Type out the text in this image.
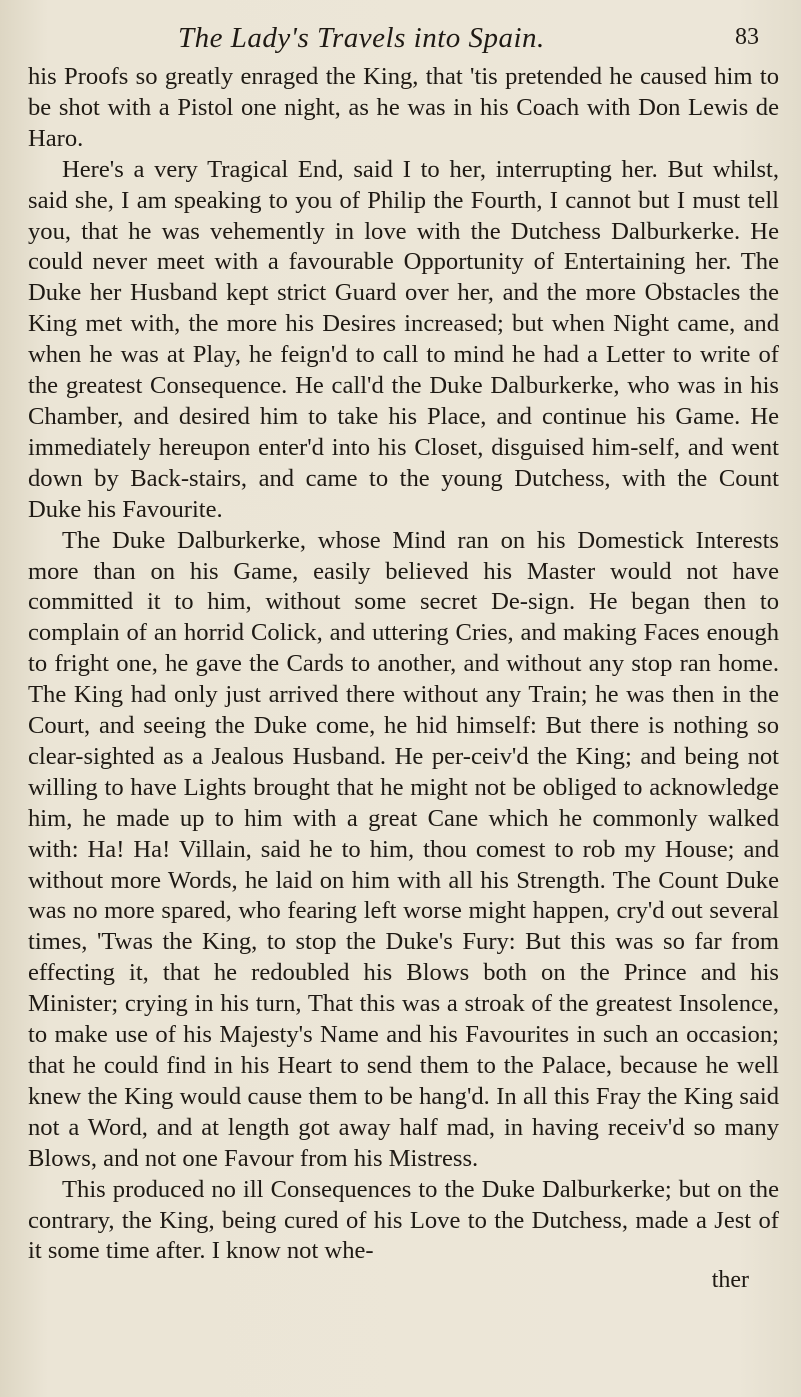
The Lady's Travels into Spain.	83

his Proofs so greatly enraged the King, that 'tis pretended he caused him to be shot with a Pistol one night, as he was in his Coach with Don Lewis de Haro.

Here's a very Tragical End, said I to her, interrupting her. But whilst, said she, I am speaking to you of Philip the Fourth, I cannot but I must tell you, that he was vehemently in love with the Dutchess Dalburkerke. He could never meet with a favourable Opportunity of Entertaining her. The Duke her Husband kept strict Guard over her, and the more Obstacles the King met with, the more his Desires increased; but when Night came, and when he was at Play, he feign'd to call to mind he had a Letter to write of the greatest Consequence. He call'd the Duke Dalburkerke, who was in his Chamber, and desired him to take his Place, and continue his Game. He immediately hereupon enter'd into his Closet, disguised him-self, and went down by Back-stairs, and came to the young Dutchess, with the Count Duke his Favourite.

The Duke Dalburkerke, whose Mind ran on his Domestick Interests more than on his Game, easily believed his Master would not have committed it to him, without some secret De-sign. He began then to complain of an horrid Colick, and uttering Cries, and making Faces enough to fright one, he gave the Cards to another, and without any stop ran home. The King had only just arrived there without any Train; he was then in the Court, and seeing the Duke come, he hid himself: But there is nothing so clear-sighted as a Jealous Husband. He per-ceiv'd the King; and being not willing to have Lights brought that he might not be obliged to acknowledge him, he made up to him with a great Cane which he commonly walked with: Ha! Ha! Villain, said he to him, thou comest to rob my House; and without more Words, he laid on him with all his Strength. The Count Duke was no more spared, who fearing left worse might happen, cry'd out several times, 'Twas the King, to stop the Duke's Fury: But this was so far from effecting it, that he redoubled his Blows both on the Prince and his Minister; crying in his turn, That this was a stroak of the greatest Insolence, to make use of his Majesty's Name and his Favourites in such an occasion; that he could find in his Heart to send them to the Palace, because he well knew the King would cause them to be hang'd. In all this Fray the King said not a Word, and at length got away half mad, in having receiv'd so many Blows, and not one Favour from his Mistress.

This produced no ill Consequences to the Duke Dalburkerke; but on the contrary, the King, being cured of his Love to the Dutchess, made a Jest of it some time after. I know not whe-

ther
